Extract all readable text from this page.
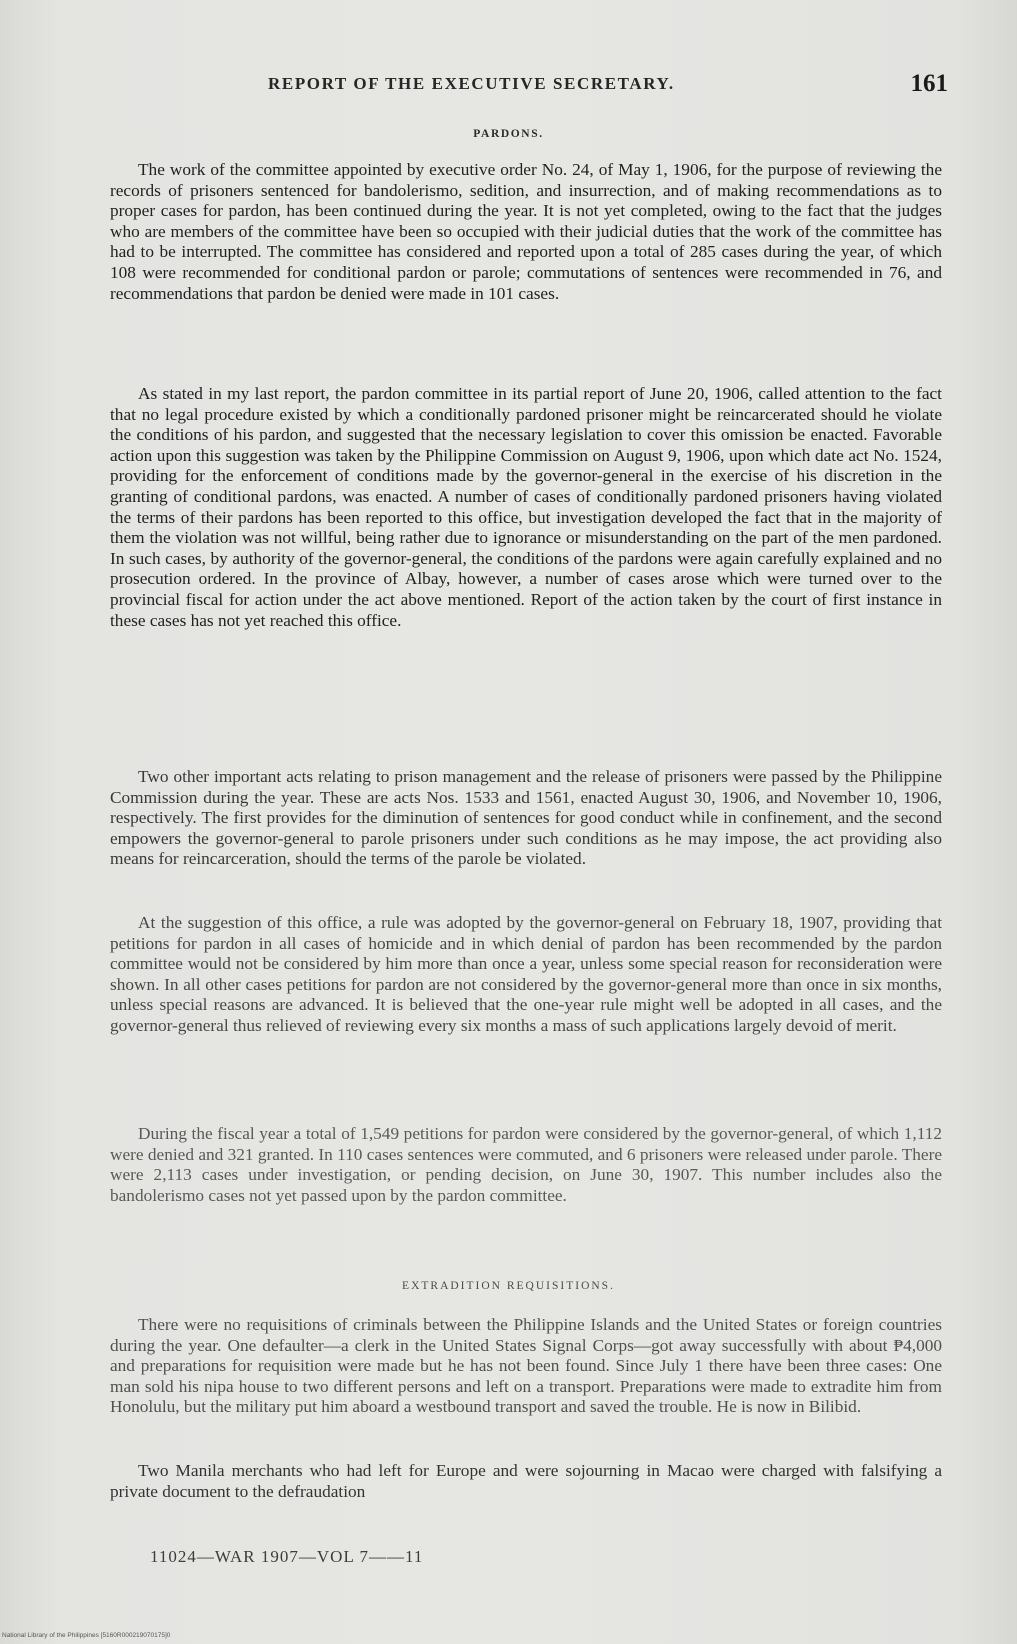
REPORT OF THE EXECUTIVE SECRETARY.	161
PARDONS.

The work of the committee appointed by executive order No. 24, of May 1, 1906, for the purpose of reviewing the records of prisoners sentenced for bandolerismo, sedition, and insurrection, and of making recommendations as to proper cases for pardon, has been continued during the year. It is not yet completed, owing to the fact that the judges who are members of the committee have been so occupied with their judicial duties that the work of the committee has had to be interrupted. The committee has considered and reported upon a total of 285 cases during the year, of which 108 were recommended for conditional pardon or parole; commutations of sentences were recommended in 76, and recommendations that pardon be denied were made in 101 cases.

As stated in my last report, the pardon committee in its partial report of June 20, 1906, called attention to the fact that no legal procedure existed by which a conditionally pardoned prisoner might be reincarcerated should he violate the conditions of his pardon, and suggested that the necessary legislation to cover this omission be enacted. Favorable action upon this suggestion was taken by the Philippine Commission on August 9, 1906, upon which date act No. 1524, providing for the enforcement of conditions made by the governor-general in the exercise of his discretion in the granting of conditional pardons, was enacted. A number of cases of conditionally pardoned prisoners having violated the terms of their pardons has been reported to this office, but investigation developed the fact that in the majority of them the violation was not willful, being rather due to ignorance or misunderstanding on the part of the men pardoned. In such cases, by authority of the governor-general, the conditions of the pardons were again carefully explained and no prosecution ordered. In the province of Albay, however, a number of cases arose which were turned over to the provincial fiscal for action under the act above mentioned. Report of the action taken by the court of first instance in these cases has not yet reached this office.

Two other important acts relating to prison management and the release of prisoners were passed by the Philippine Commission during the year. These are acts Nos. 1533 and 1561, enacted August 30, 1906, and November 10, 1906, respectively. The first provides for the diminution of sentences for good conduct while in confinement, and the second empowers the governor-general to parole prisoners under such conditions as he may impose, the act providing also means for reincarceration, should the terms of the parole be violated.

At the suggestion of this office, a rule was adopted by the governor-general on February 18, 1907, providing that petitions for pardon in all cases of homicide and in which denial of pardon has been recommended by the pardon committee would not be considered by him more than once a year, unless some special reason for reconsideration were shown. In all other cases petitions for pardon are not considered by the governor-general more than once in six months, unless special reasons are advanced. It is believed that the one-year rule might well be adopted in all cases, and the governor-general thus relieved of reviewing every six months a mass of such applications largely devoid of merit.

During the fiscal year a total of 1,549 petitions for pardon were considered by the governor-general, of which 1,112 were denied and 321 granted. In 110 cases sentences were commuted, and 6 prisoners were released under parole. There were 2,113 cases under investigation, or pending decision, on June 30, 1907. This number includes also the bandolerismo cases not yet passed upon by the pardon committee.

EXTRADITION REQUISITIONS.

There were no requisitions of criminals between the Philippine Islands and the United States or foreign countries during the year. One defaulter—a clerk in the United States Signal Corps—got away successfully with about ₱4,000 and preparations for requisition were made but he has not been found. Since July 1 there have been three cases: One man sold his nipa house to two different persons and left on a transport. Preparations were made to extradite him from Honolulu, but the military put him aboard a westbound transport and saved the trouble. He is now in Bilibid.

Two Manila merchants who had left for Europe and were sojourning in Macao were charged with falsifying a private document to the defraudation

11024—WAR 1907—VOL 7——11
National Library of the Philippines [5160R000219070175]0
